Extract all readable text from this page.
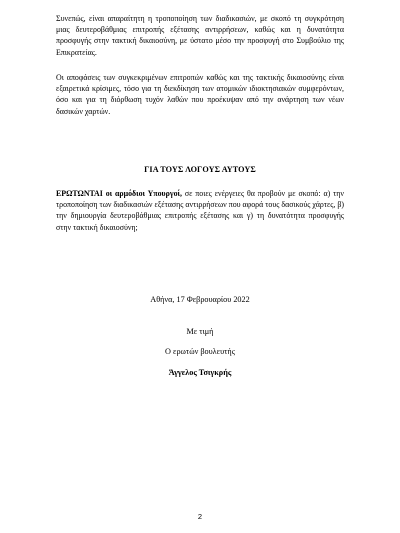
Συνεπώς, είναι απαραίτητη η τροποποίηση των διαδικασιών, με σκοπό τη συγκρότηση μιας δευτεροβάθμιας επιτροπής εξέτασης αντιρρήσεων, καθώς και η δυνατότητα προσφυγής στην τακτική δικαιοσύνη, με ύστατο μέσο την προσφυγή στο Συμβούλιο της Επικρατείας.

Οι αποφάσεις των συγκεκριμένων επιτροπών καθώς και της τακτικής δικαιοσύνης είναι εξαιρετικά κρίσιμες, τόσο για τη διεκδίκηση των ατομικών ιδιοκτησιακών συμφερόντων, όσο και για τη διόρθωση τυχόν λαθών που προέκυψαν από την ανάρτηση των νέων δασικών χαρτών.

ΓΙΑ ΤΟΥΣ ΛΟΓΟΥΣ ΑΥΤΟΥΣ

ΕΡΩΤΩΝΤΑΙ οι αρμόδιοι Υπουργοί, σε ποιες ενέργειες θα προβούν με σκοπό: α) την τροποποίηση των διαδικασιών εξέτασης αντιρρήσεων που αφορά τους δασικούς χάρτες, β) την δημιουργία δευτεροβάθμιας επιτροπής εξέτασης και γ) τη δυνατότητα προσφυγής στην τακτική δικαιοσύνη;

Αθήνα, 17 Φεβρουαρίου 2022
Με τιμή
Ο ερωτών βουλευτής
Άγγελος Τσιγκρής
2
